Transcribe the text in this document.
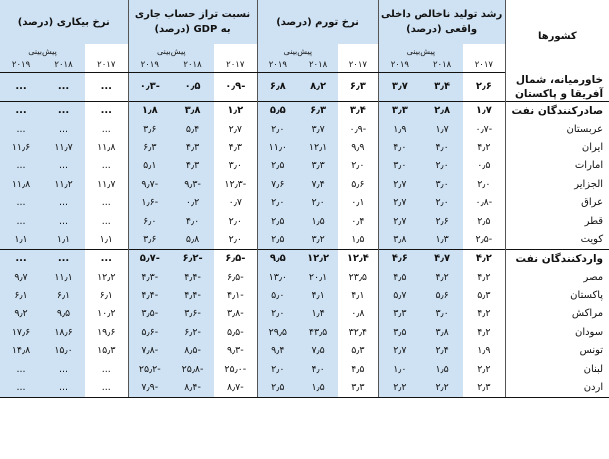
کشورها	رشد تولید ناخالص داخلی واقعی (درصد)			نرخ تورم (درصد)			نسبت تراز حساب جاری به GDP (درصد)			نرخ بیکاری (درصد)		
		پیش‌بینی			پیش‌بینی			پیش‌بینی			پیش‌بینی	
	۲۰۱۷	۲۰۱۸	۲۰۱۹	۲۰۱۷	۲۰۱۸	۲۰۱۹	۲۰۱۷	۲۰۱۸	۲۰۱۹	۲۰۱۷	۲۰۱۸	۲۰۱۹
خاورمیانه، شمال آفریقا و پاکستان	۲٫۶	۳٫۴	۳٫۷	۶٫۳	۸٫۲	۶٫۸	-۰٫۹	۰٫۵	-۰٫۳	...	...	...
صادرکنندگان نفت	۱٫۷	۲٫۸	۳٫۳	۳٫۴	۶٫۳	۵٫۵	۱٫۲	۳٫۸	۱٫۸	...	...	...
عربستان	-۰٫۷	۱٫۷	۱٫۹	-۰٫۹	۳٫۷	۲٫۰	۲٫۷	۵٫۴	۳٫۶	...	...	...
ایران	۴٫۲	۴٫۰	۴٫۰	۹٫۹	۱۲٫۱	۱۱٫۰	۴٫۳	۴٫۳	۶٫۳	۱۱٫۸	۱۱٫۷	۱۱٫۶
امارات	۰٫۵	۲٫۰	۳٫۰	۲٫۰	۳٫۳	۲٫۵	۳٫۰	۴٫۳	۵٫۱	...	...	...
الجزایر	۲٫۰	۳٫۰	۲٫۷	۵٫۶	۷٫۴	۷٫۶	-۱۲٫۳	-۹٫۳	-۹٫۷	۱۱٫۷	۱۱٫۲	۱۱٫۸
عراق	-۰٫۸	۲٫۰	۲٫۷	۰٫۱	۲٫۰	۲٫۰	۰٫۷	۰٫۲	-۱٫۶	...	...	...
قطر	۲٫۵	۲٫۶	۲٫۷	۰٫۴	۱٫۵	۲٫۵	۲٫۰	۴٫۰	۶٫۰	...	...	...
کویت	-۲٫۵	۱٫۳	۳٫۸	۱٫۵	۳٫۲	۲٫۵	۲٫۰	۵٫۸	۳٫۶	۱٫۱	۱٫۱	۱٫۱
واردکنندگان نفت	۴٫۲	۴٫۷	۴٫۶	۱۲٫۴	۱۲٫۲	۹٫۵	-۶٫۵	-۶٫۲	-۵٫۷	...	...	...
مصر	۴٫۲	۴٫۲	۴٫۵	۲۳٫۵	۲۰٫۱	۱۳٫۰	-۶٫۵	-۴٫۴	-۴٫۳	۱۲٫۲	۱۱٫۱	۹٫۷
پاکستان	۵٫۳	۵٫۶	۵٫۷	۴٫۱	۴٫۱	۵٫۰	-۴٫۱	-۴٫۴	-۴٫۴	۶٫۱	۶٫۱	۶٫۱
مراکش	۴٫۲	۳٫۰	۳٫۳	۰٫۸	۱٫۴	۲٫۰	-۳٫۸	-۳٫۶	-۳٫۵	۱۰٫۲	۹٫۵	۹٫۲
سودان	۴٫۲	۳٫۸	۳٫۵	۳۲٫۴	۴۳٫۵	۲۹٫۵	-۵٫۵	-۶٫۲	-۵٫۶	۱۹٫۶	۱۸٫۶	۱۷٫۶
تونس	۱٫۹	۲٫۴	۲٫۷	۵٫۳	۷٫۵	۹٫۴	-۹٫۳	-۸٫۵	-۷٫۸	۱۵٫۳	۱۵٫۰	۱۴٫۸
لبنان	۲٫۲	۱٫۵	۱٫۰	۴٫۵	۴٫۰	۲٫۰	-۲۵٫۰	-۲۵٫۸	-۲۵٫۲	...	...	...
اردن	۲٫۳	۲٫۲	۲٫۲	۳٫۳	۱٫۵	۲٫۵	-۸٫۷	-۸٫۴	-۷٫۹	...	...	...
